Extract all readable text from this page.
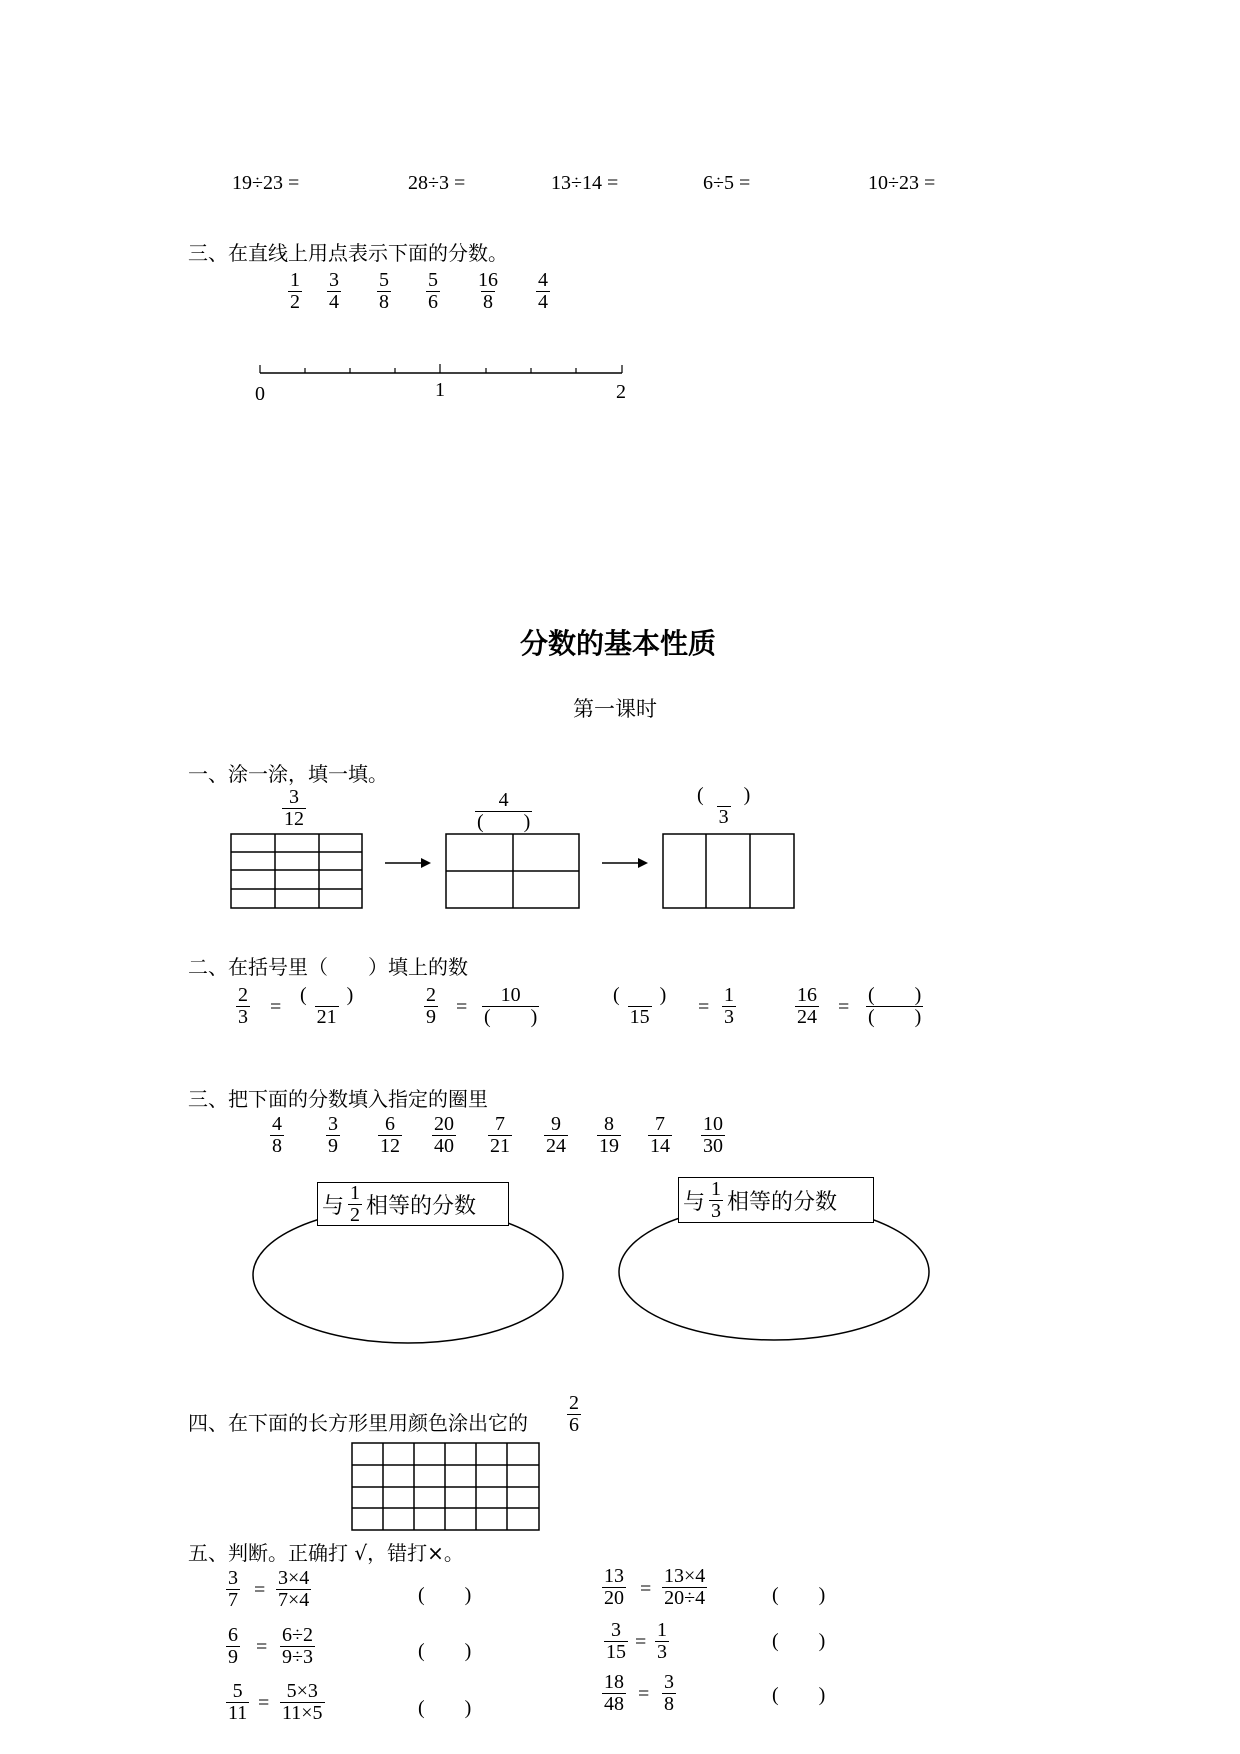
19÷23 =	28÷3 =	13÷14 =	6÷5 =	10÷23 =
三、在直线上用点表示下面的分数。
$\frac{1}{2} \frac{3}{4} \frac{5}{8} \frac{5}{6} \frac{16}{8} \frac{4}{4}$
0	1	2
分数的基本性质
第一课时
一、涂一涂，填一填。
$\frac{3}{12}$	4
(　　)
(　　)
3
二、在括号里（　　）填上的数
$\frac{2}{3}$ =
(　　)
21	$\frac{2}{9}$ =
10
(　　)
(　　)
$15 = \frac{1}{3}$	$\frac{16}{24}$ =
(　　)
(　　)
三、把下面的分数填入指定的圈里
$\frac{4}{8} \frac{3}{9} \frac{6}{12} \frac{20}{40} \frac{7}{21} \frac{9}{24} \frac{8}{19} \frac{7}{14} \frac{10}{30}$
与 $\frac{1}{2}$ 相等的分数	与 $\frac{1}{3}$ 相等的分数
四、在下面的长方形里用颜色涂出它的 $\frac{2}{6}$
五、判断。正确打 √，错打×。
$\frac{3}{7} = \frac{3\times 4}{7\times 4}$	(　　)
$\frac{6}{9} = \frac{6\div 2}{9\div 3}$	(　　)
$\frac{5}{11} = \frac{5\times 3}{11\times 5}$	(　　)
$\frac{13}{20} = \frac{13\times 4}{20\div 4}$	(　　)
$\frac{3}{15} = \frac{1}{3}$	(　　)
$\frac{18}{48} = \frac{3}{8}$	(　　)
